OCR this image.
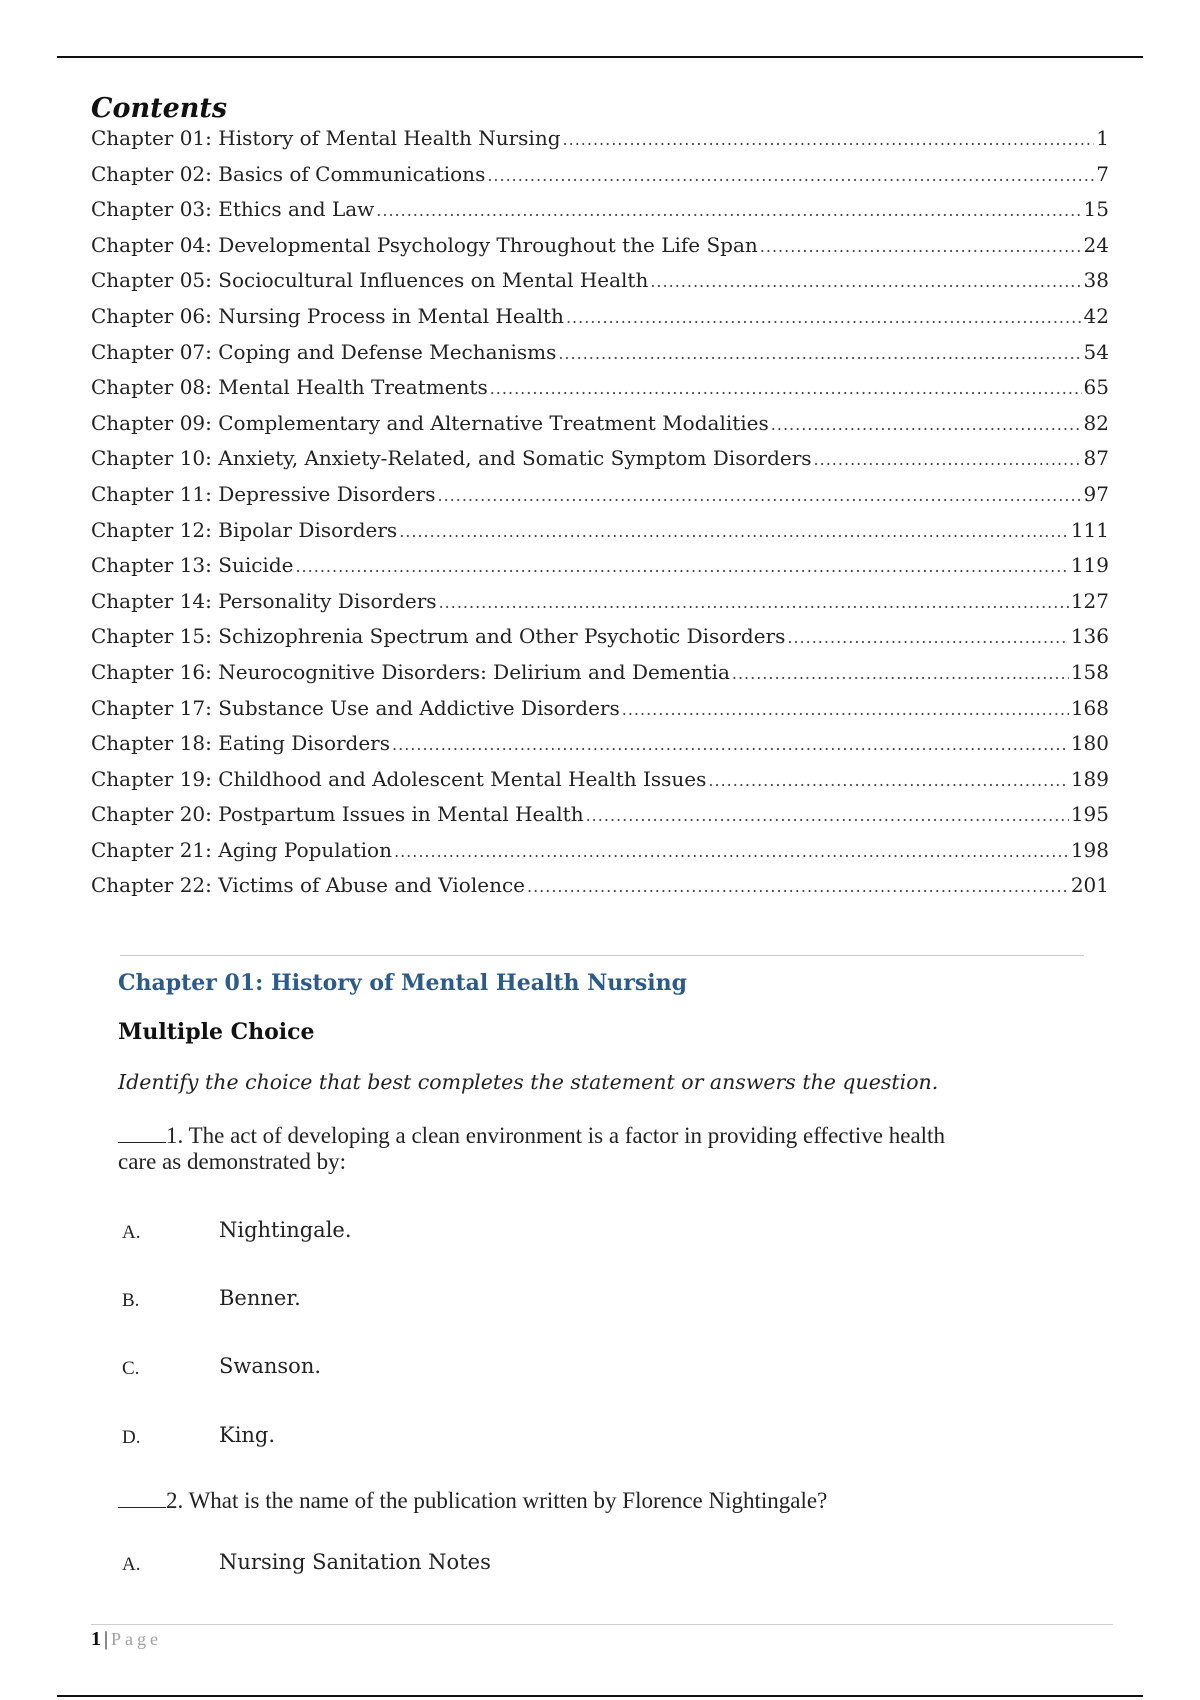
Contents
Chapter 01: History of Mental Health Nursing .....	1
Chapter 02: Basics of Communications .....	7
Chapter 03: Ethics and Law .....	15
Chapter 04: Developmental Psychology Throughout the Life Span .....	24
Chapter 05: Sociocultural Influences on Mental Health .....	38
Chapter 06: Nursing Process in Mental Health .....	42
Chapter 07: Coping and Defense Mechanisms .....	54
Chapter 08: Mental Health Treatments .....	65
Chapter 09: Complementary and Alternative Treatment Modalities .....	82
Chapter 10: Anxiety, Anxiety-Related, and Somatic Symptom Disorders .....	87
Chapter 11: Depressive Disorders .....	97
Chapter 12: Bipolar Disorders .....	111
Chapter 13: Suicide .....	119
Chapter 14: Personality Disorders .....	127
Chapter 15: Schizophrenia Spectrum and Other Psychotic Disorders .....	136
Chapter 16: Neurocognitive Disorders: Delirium and Dementia .....	158
Chapter 17: Substance Use and Addictive Disorders .....	168
Chapter 18: Eating Disorders .....	180
Chapter 19: Childhood and Adolescent Mental Health Issues .....	189
Chapter 20: Postpartum Issues in Mental Health .....	195
Chapter 21: Aging Population .....	198
Chapter 22: Victims of Abuse and Violence .....	201
Chapter 01: History of Mental Health Nursing
Multiple Choice

Identify the choice that best completes the statement or answers the question.

1. The act of developing a clean environment is a factor in providing effective health care as demonstrated by:

A.	Nightingale.
B.	Benner.
C.	Swanson.
D.	King.

2. What is the name of the publication written by Florence Nightingale?

A.	Nursing Sanitation Notes
1 | Page
